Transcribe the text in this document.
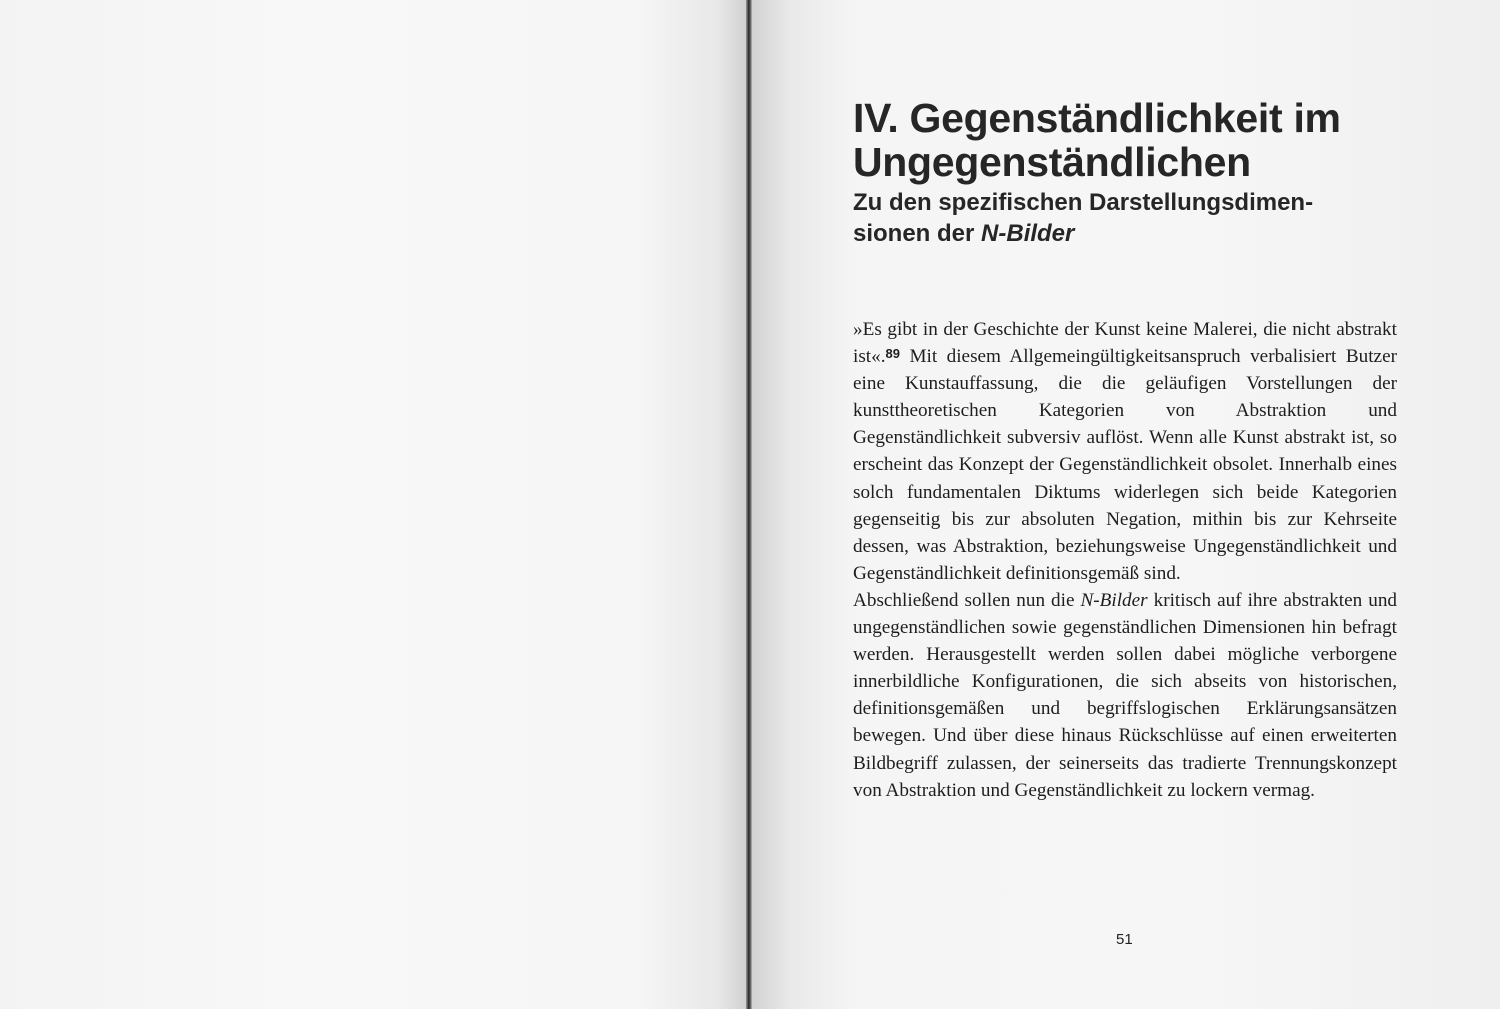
IV. Gegenständlichkeit im
Ungegenständlichen
Zu den spezifischen Darstellungsdimen-
sionen der N-Bilder

»Es gibt in der Geschichte der Kunst keine Malerei, die nicht abstrakt ist«.$^{89}$ Mit diesem Allgemeingültigkeitsanspruch verbalisiert Butzer eine Kunstauffassung, die die geläufigen Vorstellungen der kunsttheoretischen Kategorien von Abstraktion und Gegenständlichkeit subversiv auflöst. Wenn alle Kunst abstrakt ist, so erscheint das Konzept der Gegenständlichkeit obsolet. Innerhalb eines solch fundamentalen Diktums widerlegen sich beide Kategorien gegenseitig bis zur absoluten Negation, mithin bis zur Kehrseite dessen, was Abstraktion, beziehungsweise Ungegenständlichkeit und Gegenständlichkeit definitionsgemäß sind.

Abschließend sollen nun die N-Bilder kritisch auf ihre abstrakten und ungegenständlichen sowie gegenständlichen Dimensionen hin befragt werden. Herausgestellt werden sollen dabei mögliche verborgene innerbildliche Konfigurationen, die sich abseits von historischen, definitionsgemäßen und begriffslogischen Erklärungsansätzen bewegen. Und über diese hinaus Rückschlüsse auf einen erweiterten Bildbegriff zulassen, der seinerseits das tradierte Trennungskonzept von Abstraktion und Gegenständlichkeit zu lockern vermag.

51
